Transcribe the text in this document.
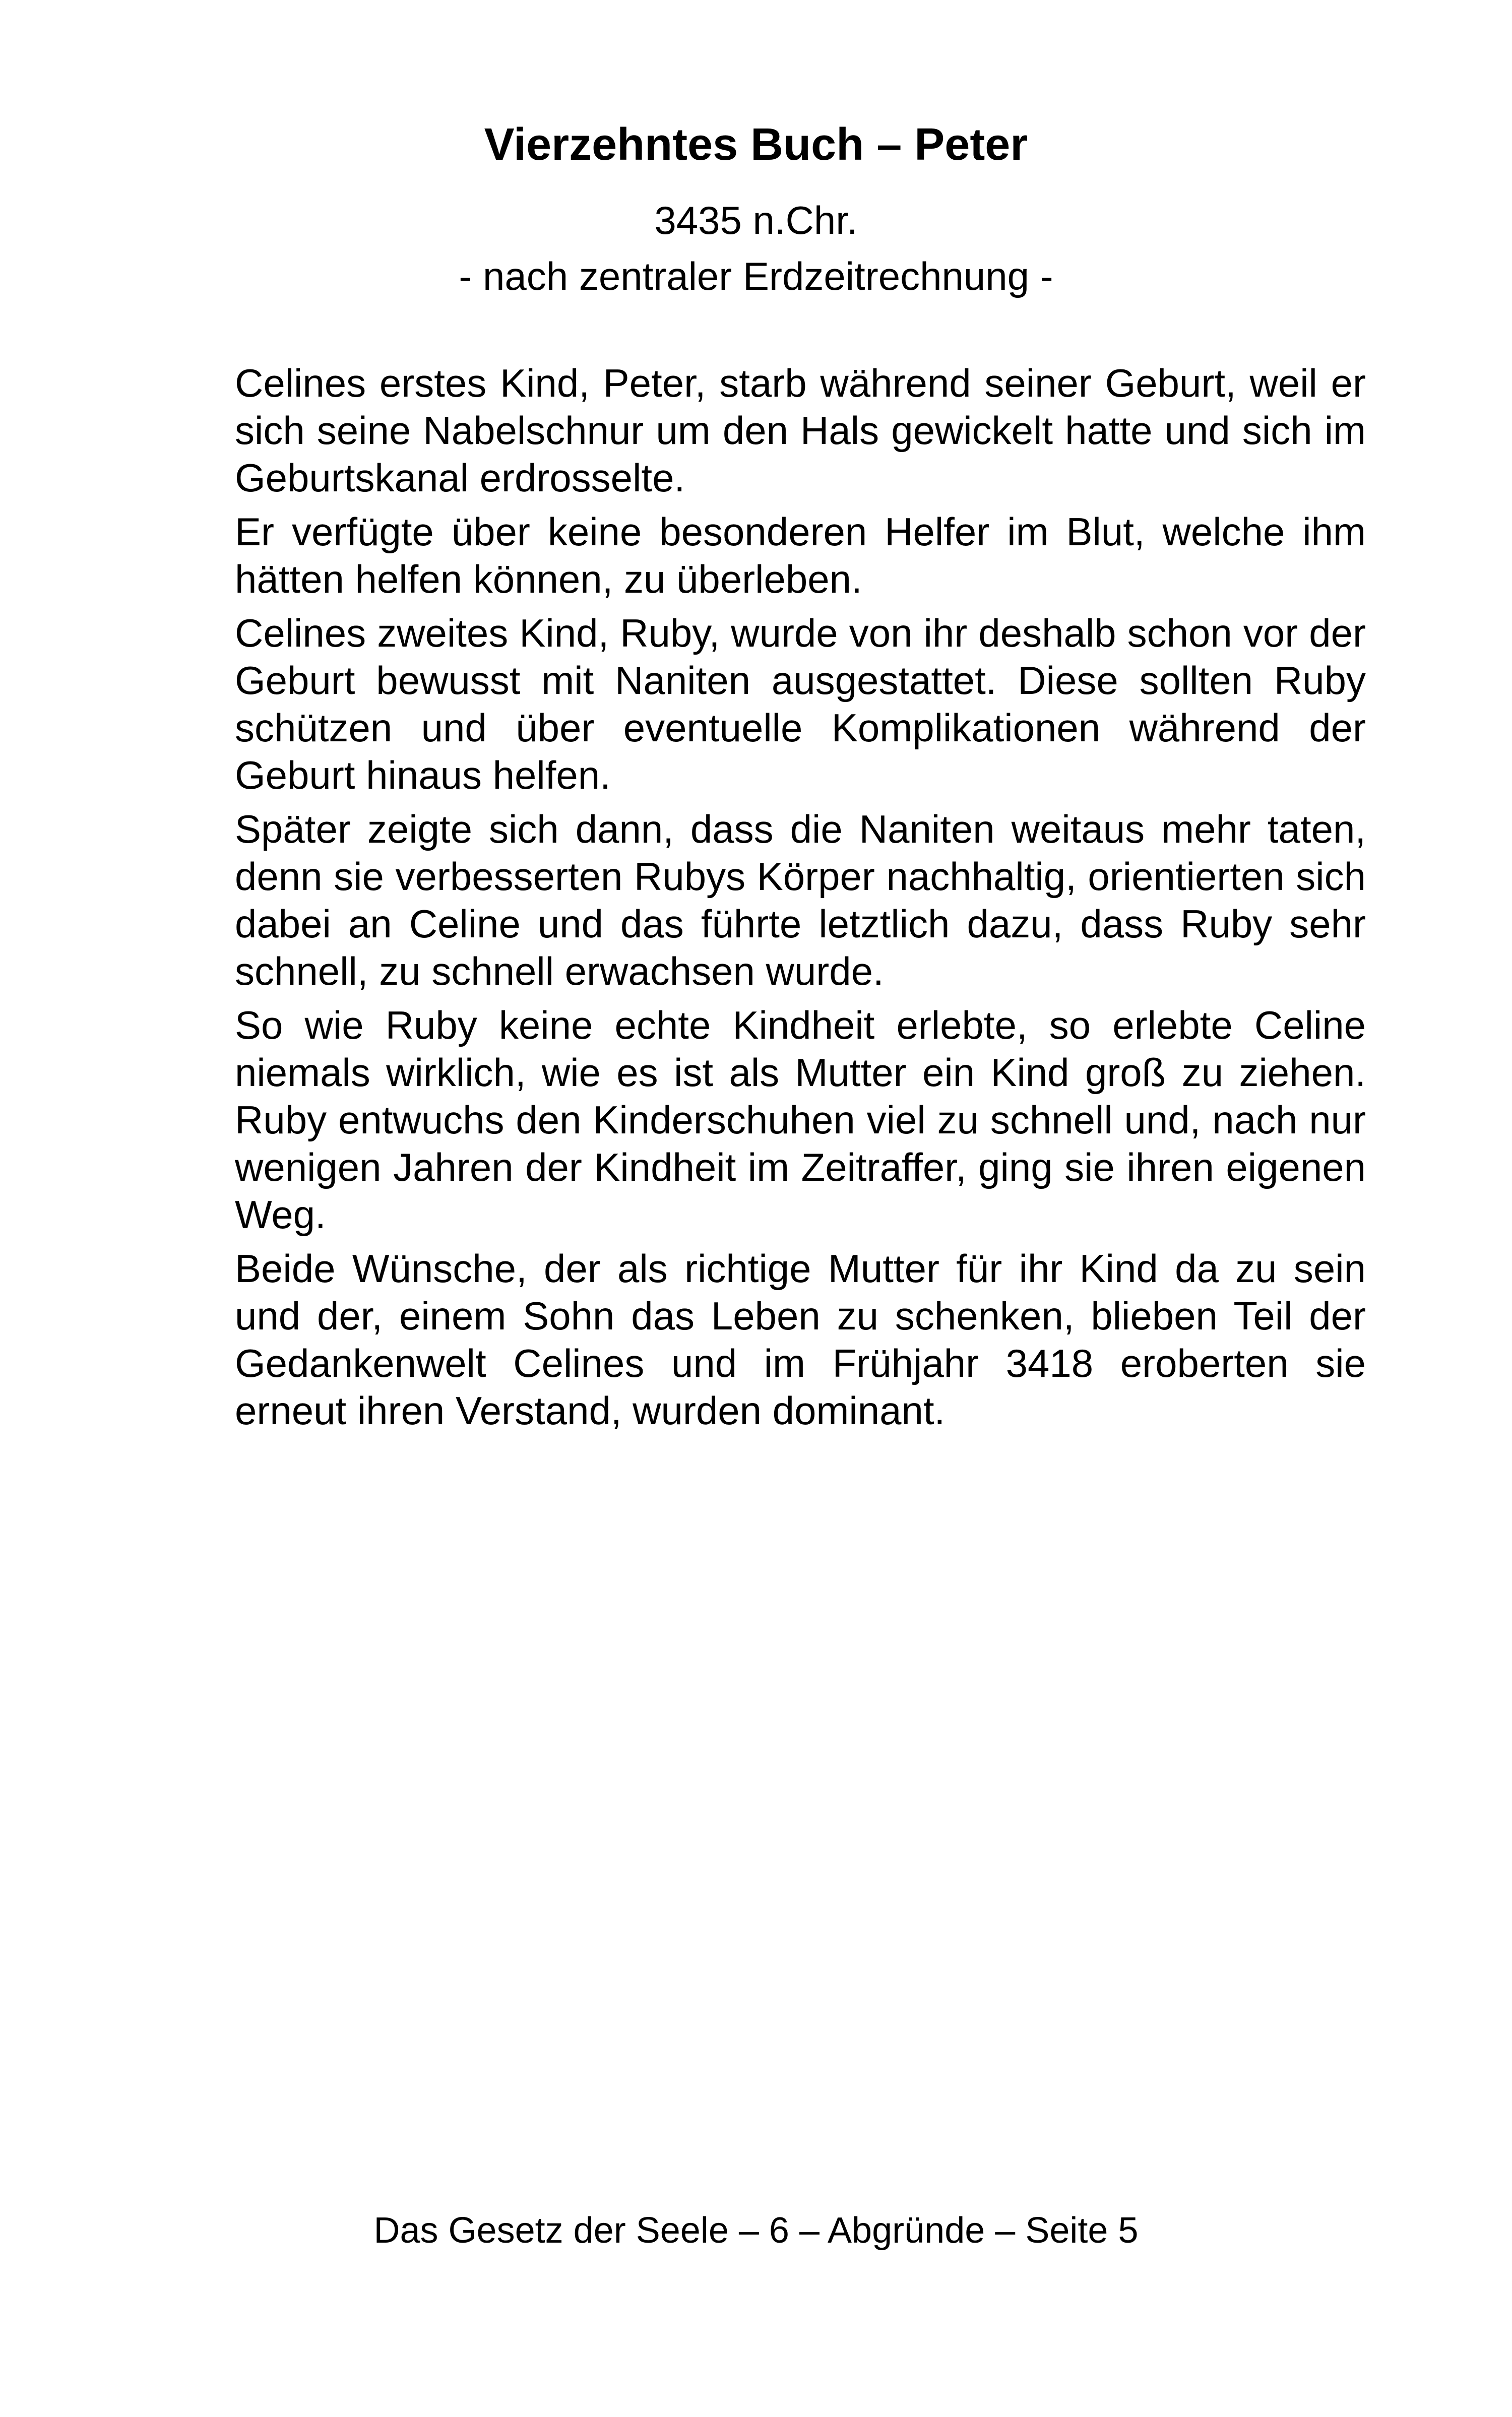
Vierzehntes Buch – Peter
3435 n.Chr.
- nach zentraler Erdzeitrechnung -

Celines erstes Kind, Peter, starb während seiner Geburt, weil er sich seine Nabelschnur um den Hals gewickelt hatte und sich im Geburtskanal erdrosselte.

Er verfügte über keine besonderen Helfer im Blut, welche ihm hätten helfen können, zu überleben.

Celines zweites Kind, Ruby, wurde von ihr deshalb schon vor der Geburt bewusst mit Naniten ausgestattet. Diese sollten Ruby schützen und über eventuelle Komplikationen während der Geburt hinaus helfen.

Später zeigte sich dann, dass die Naniten weitaus mehr taten, denn sie verbesserten Rubys Körper nachhaltig, orientierten sich dabei an Celine und das führte letztlich dazu, dass Ruby sehr schnell, zu schnell erwachsen wurde.

So wie Ruby keine echte Kindheit erlebte, so erlebte Celine niemals wirklich, wie es ist als Mutter ein Kind groß zu ziehen. Ruby entwuchs den Kinderschuhen viel zu schnell und, nach nur wenigen Jahren der Kindheit im Zeitraffer, ging sie ihren eigenen Weg.

Beide Wünsche, der als richtige Mutter für ihr Kind da zu sein und der, einem Sohn das Leben zu schenken, blieben Teil der Gedankenwelt Celines und im Frühjahr 3418 eroberten sie erneut ihren Verstand, wurden dominant.

Das Gesetz der Seele – 6 – Abgründe – Seite 5
